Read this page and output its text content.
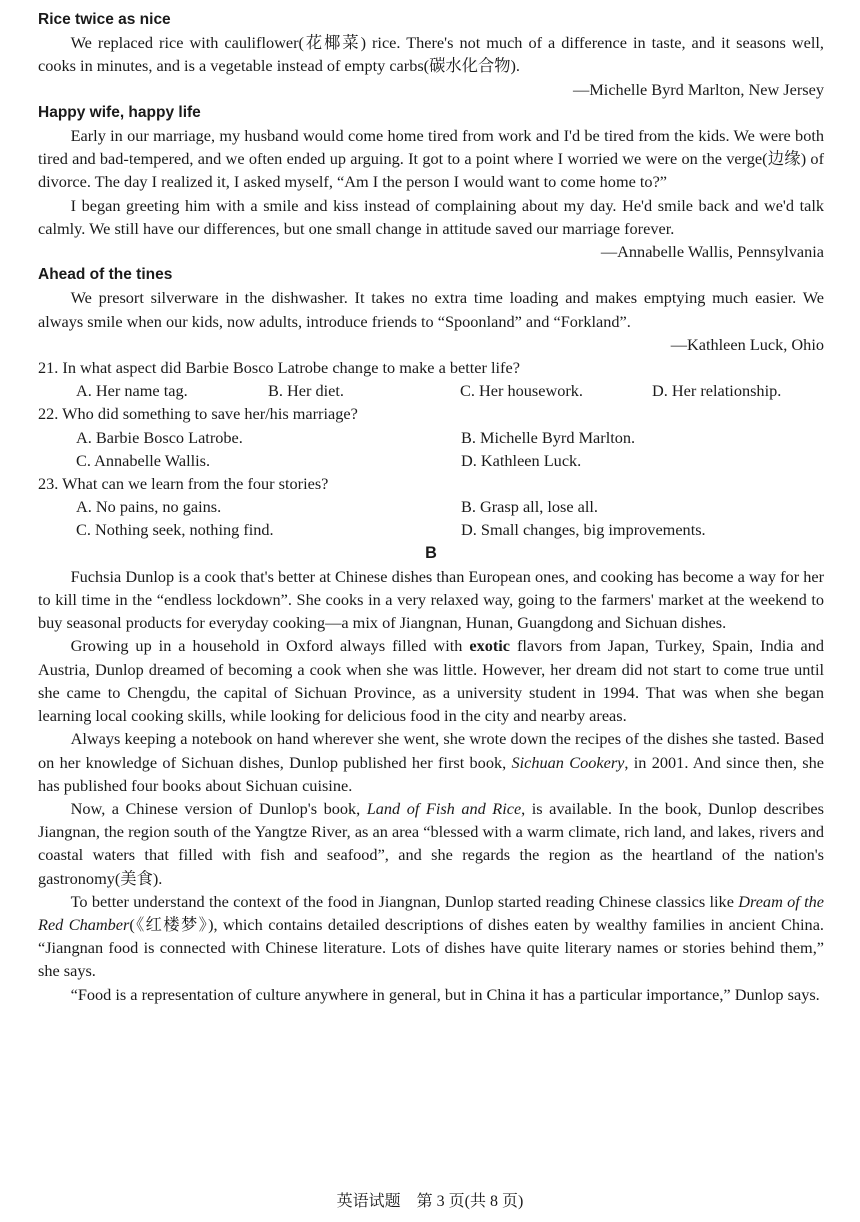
Rice twice as nice

We replaced rice with cauliflower(花椰菜) rice. There's not much of a difference in taste, and it seasons well, cooks in minutes, and is a vegetable instead of empty carbs(碳水化合物).

—Michelle Byrd Marlton, New Jersey

Happy wife, happy life

Early in our marriage, my husband would come home tired from work and I'd be tired from the kids. We were both tired and bad-tempered, and we often ended up arguing. It got to a point where I worried we were on the verge(边缘) of divorce. The day I realized it, I asked myself, “Am I the person I would want to come home to?”

I began greeting him with a smile and kiss instead of complaining about my day. He'd smile back and we'd talk calmly. We still have our differences, but one small change in attitude saved our marriage forever.

—Annabelle Wallis, Pennsylvania

Ahead of the tines

We presort silverware in the dishwasher. It takes no extra time loading and makes emptying much easier. We always smile when our kids, now adults, introduce friends to “Spoonland” and “Forkland”.

—Kathleen Luck, Ohio

21. In what aspect did Barbie Bosco Latrobe change to make a better life?

A. Her name tag.	B. Her diet.	C. Her housework.	D. Her relationship.

22. Who did something to save her/his marriage?

A. Barbie Bosco Latrobe.	B. Michelle Byrd Marlton.
C. Annabelle Wallis.	D. Kathleen Luck.

23. What can we learn from the four stories?

A. No pains, no gains.	B. Grasp all, lose all.
C. Nothing seek, nothing find.	D. Small changes, big improvements.

B

Fuchsia Dunlop is a cook that's better at Chinese dishes than European ones, and cooking has become a way for her to kill time in the “endless lockdown”. She cooks in a very relaxed way, going to the farmers' market at the weekend to buy seasonal products for everyday cooking—a mix of Jiangnan, Hunan, Guangdong and Sichuan dishes.

Growing up in a household in Oxford always filled with exotic flavors from Japan, Turkey, Spain, India and Austria, Dunlop dreamed of becoming a cook when she was little. However, her dream did not start to come true until she came to Chengdu, the capital of Sichuan Province, as a university student in 1994. That was when she began learning local cooking skills, while looking for delicious food in the city and nearby areas.

Always keeping a notebook on hand wherever she went, she wrote down the recipes of the dishes she tasted. Based on her knowledge of Sichuan dishes, Dunlop published her first book, Sichuan Cookery, in 2001. And since then, she has published four books about Sichuan cuisine.

Now, a Chinese version of Dunlop's book, Land of Fish and Rice, is available. In the book, Dunlop describes Jiangnan, the region south of the Yangtze River, as an area “blessed with a warm climate, rich land, and lakes, rivers and coastal waters that filled with fish and seafood”, and she regards the region as the heartland of the nation's gastronomy(美食).

To better understand the context of the food in Jiangnan, Dunlop started reading Chinese classics like Dream of the Red Chamber(《红楼梦》), which contains detailed descriptions of dishes eaten by wealthy families in ancient China. “Jiangnan food is connected with Chinese literature. Lots of dishes have quite literary names or stories behind them,” she says.

“Food is a representation of culture anywhere in general, but in China it has a particular importance,” Dunlop says.

英语试题　第 3 页(共 8 页)
